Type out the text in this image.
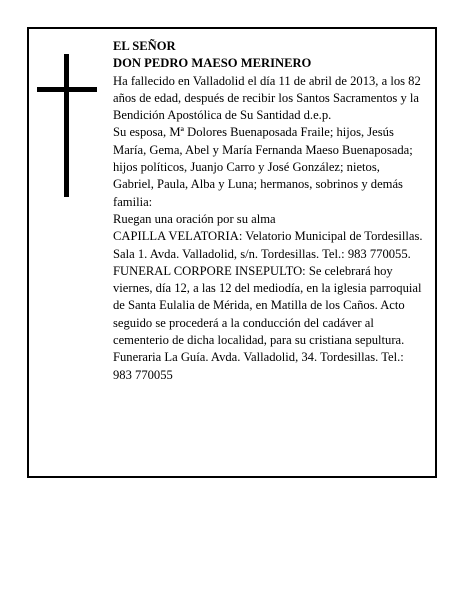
EL SEÑOR

DON PEDRO MAESO MERINERO

Ha fallecido en Valladolid el día 11 de abril de 2013, a los 82 años de edad, después de recibir los Santos Sacramentos y la Bendición Apostólica de Su Santidad d.e.p.

Su esposa, Mª Dolores Buenaposada Fraile; hijos, Jesús María, Gema, Abel y María Fernanda Maeso Buenaposada; hijos políticos, Juanjo Carro y José González; nietos, Gabriel, Paula, Alba y Luna; hermanos, sobrinos y demás familia:

Ruegan una oración por su alma

CAPILLA VELATORIA: Velatorio Municipal de Tordesillas. Sala 1. Avda. Valladolid, s/n. Tordesillas. Tel.: 983 770055.

FUNERAL CORPORE INSEPULTO: Se celebrará hoy viernes, día 12, a las 12 del mediodía, en la iglesia parroquial de Santa Eulalia de Mérida, en Matilla de los Caños. Acto seguido se procederá a la conducción del cadáver al cementerio de dicha localidad, para su cristiana sepultura.

Funeraria La Guía. Avda. Valladolid, 34. Tordesillas. Tel.: 983 770055
